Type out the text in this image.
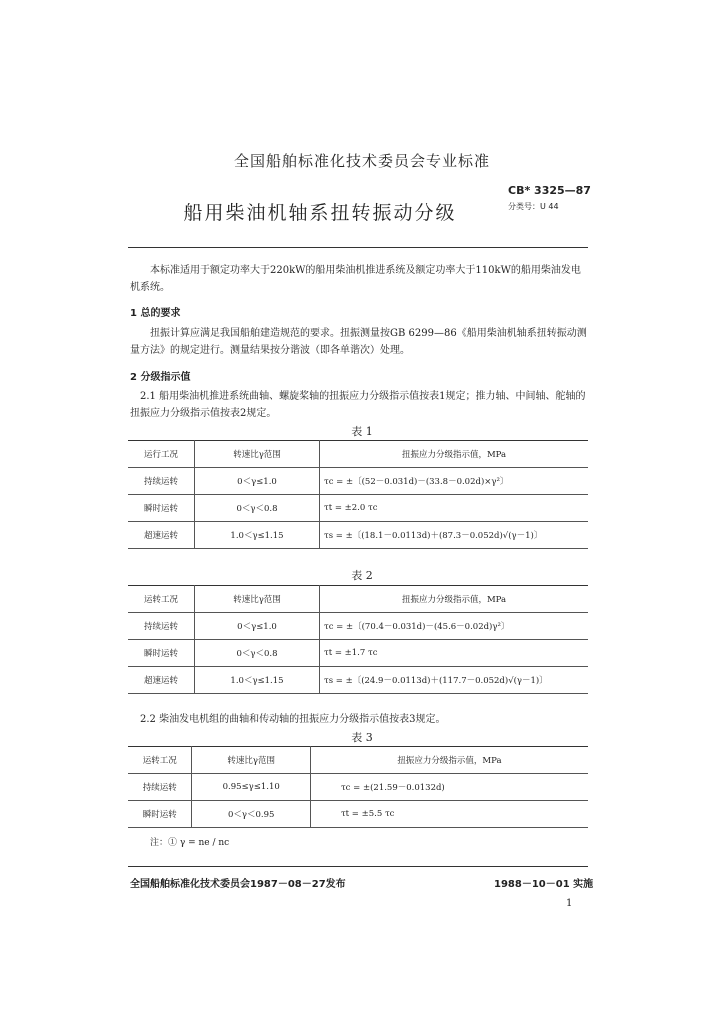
全国船舶标准化技术委员会专业标准
船用柴油机轴系扭转振动分级
CB* 3325—87
分类号：U 44
本标准适用于额定功率大于220kW的船用柴油机推进系统及额定功率大于110kW的船用柴油发电机系统。
1 总的要求
扭振计算应满足我国船舶建造规范的要求。扭振测量按GB 6299—86《船用柴油机轴系扭转振动测量方法》的规定进行。测量结果按分谐波（即各单谐次）处理。
2 分级指示值
2.1 船用柴油机推进系统曲轴、螺旋桨轴的扭振应力分级指示值按表1规定；推力轴、中间轴、舵轴的扭振应力分级指示值按表2规定。
表 1
运行工况	转速比γ范围	扭振应力分级指示值，MPa
持续运转	0＜γ≤1.0	τc = ±〔(52－0.031d)－(33.8－0.02d)×γ²〕
瞬时运转	0＜γ＜0.8	τt = ±2.0 τc
超速运转	1.0＜γ≤1.15	τs = ±〔(18.1－0.0113d)＋(87.3－0.052d)√(γ－1)〕
表 2
运转工况	转速比γ范围	扭振应力分级指示值，MPa
持续运转	0＜γ≤1.0	τc = ±〔(70.4－0.031d)－(45.6－0.02d)γ²〕
瞬时运转	0＜γ＜0.8	τt = ±1.7 τc
超速运转	1.0＜γ≤1.15	τs = ±〔(24.9－0.0113d)＋(117.7－0.052d)√(γ－1)〕
2.2 柴油发电机组的曲轴和传动轴的扭振应力分级指示值按表3规定。
表 3
运转工况	转速比γ范围	扭振应力分级指示值，MPa
持续运转	0.95≤γ≤1.10	τc = ±(21.59－0.0132d)
瞬时运转	0＜γ＜0.95	τt = ±5.5 τc
注：① γ = ne / nc
全国船舶标准化技术委员会1987－08－27发布	1988－10－01 实施
1
